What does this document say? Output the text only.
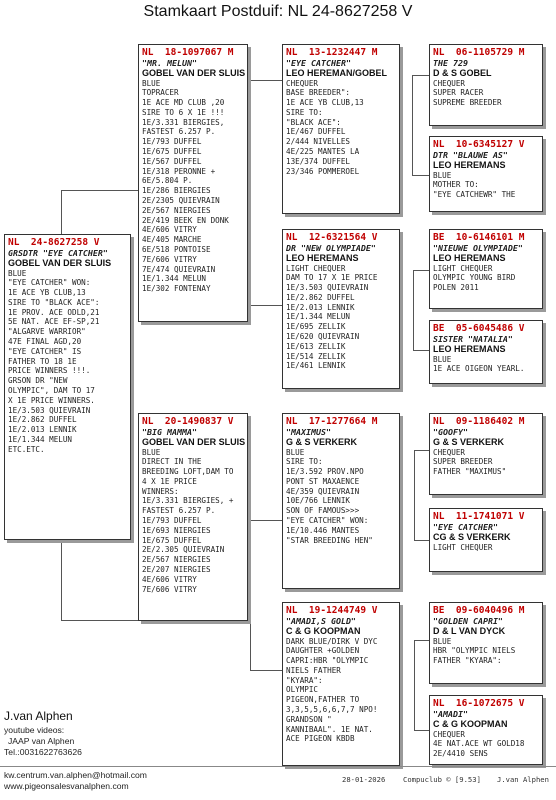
Stamkaart Postduif: NL 24-8627258 V
NL  24-8627258 V
GRSDTR "EYE CATCHER"
GOBEL VAN DER SLUIS
BLUE
"EYE CATCHER" WON:
1E ACE YB CLUB,13
SIRE TO "BLACK ACE":
1E PROV. ACE ODLD,21
5E NAT. ACE EF-SP,21
"ALGARVE WARRIOR"
47E FINAL AGD,20
"EYE CATCHER" IS
FATHER TO 18 1E
PRICE WINNERS !!!.
GRSON DR "NEW
OLYMPIC", DAM TO 17
X 1E PRICE WINNERS.
1E/3.503 QUIEVRAIN
1E/2.862 DUFFEL
1E/2.013 LENNIK
1E/1.344 MELUN
ETC.ETC.
NL  18-1097067 M
"MR. MELUN"
GOBEL VAN DER SLUIS
BLUE
TOPRACER
1E ACE MD CLUB ,20
SIRE TO 6 X 1E !!!
1E/3.331 BIERGIES,
FASTEST 6.257 P.
1E/793 DUFFEL
1E/675 DUFFEL
1E/567 DUFFEL
1E/318 PERONNE +
6E/5.804 P.
1E/286 BIERGIES
2E/2305 QUIEVRAIN
2E/567 NIERGIES
2E/419 BEEK EN DONK
4E/606 VITRY
4E/405 MARCHE
6E/518 PONTOISE
7E/606 VITRY
7E/474 QUIEVRAIN
1E/1.344 MELUN
1E/302 FONTENAY
NL  20-1490837 V
"BIG MAMMA"
GOBEL VAN DER SLUIS
BLUE
DIRECT IN THE
BREEDING LOFT,DAM TO
4 X 1E PRICE
WINNERS:
1E/3.331 BIERGIES, +
FASTEST 6.257 P.
1E/793 DUFFEL
1E/693 NIERGIES
1E/675 DUFFEL
2E/2.305 QUIEVRAIN
2E/567 NIERGIES
2E/207 NIERGIES
4E/606 VITRY
7E/606 VITRY
NL  13-1232447 M
"EYE CATCHER"
LEO HEREMAN/GOBEL
CHEQUER
BASE BREEDER":
1E ACE YB CLUB,13
SIRE TO:
"BLACK ACE":
1E/467 DUFFEL
2/444 NIVELLES
4E/225 MANTES LA
13E/374 DUFFEL
23/346 POMMEROEL
NL  12-6321564 V
DR "NEW OLYMPIADE"
LEO HEREMANS
LIGHT CHEQUER
DAM TO 17 X 1E PRICE
1E/3.503 QUIEVRAIN
1E/2.862 DUFFEL
1E/2.013 LENNIK
1E/1.344 MELUN
1E/695 ZELLIK
1E/620 QUIEVRAIN
1E/613 ZELLIK
1E/514 ZELLIK
1E/461 LENNIK
NL  17-1277664 M
"MAXIMUS"
G & S VERKERK
BLUE
SIRE TO:
1E/3.592 PROV.NPO
PONT ST MAXAENCE
4E/359 QUIEVRAIN
10E/766 LENNIK
SON OF FAMOUS>>>
"EYE CATCHER" WON:
1E/10.446 MANTES
"STAR BREEDING HEN"
NL  19-1244749 V
"AMADI,S GOLD"
C & G KOOPMAN
DARK BLUE/DIRK V DYC
DAUGHTER +GOLDEN
CAPRI:HBR "OLYMPIC
NIELS FATHER
"KYARA":
OLYMPIC
PIGEON,FATHER TO
3,3,5,5,6,6,7,7 NPO!
GRANDSON "
KANNIBAAL". 1E NAT.
ACE PIGEON KBDB
NL  06-1105729 M
THE 729
D & S GOBEL
CHEQUER
SUPER RACER
SUPREME BREEDER
NL  10-6345127 V
DTR "BLAUWE AS"
LEO HEREMANS
BLUE
MOTHER TO:
"EYE CATCHEWR" THE
BE  10-6146101 M
"NIEUWE OLYMPIADE"
LEO HEREMANS
LIGHT CHEQUER
OLYMPIC YOUNG BIRD
POLEN 2011
BE  05-6045486 V
SISTER "NATALIA"
LEO HEREMANS
BLUE
1E ACE OIGEON YEARL.
NL  09-1186402 M
"GOOFY"
G & S VERKERK
CHEQUER
SUPER BREEDER
FATHER "MAXIMUS"
NL  11-1741071 V
"EYE CATCHER"
CG & S VERKERK
LIGHT CHEQUER
BE  09-6040496 M
"GOLDEN CAPRI"
D & L VAN DYCK
BLUE
HBR "OLYMPIC NIELS
FATHER "KYARA":
NL  16-1072675 V
"AMADI"
C & G KOOPMAN
CHEQUER
4E NAT.ACE WT GOLD18
2E/4410 SENS
J.van Alphen
youtube videos:
JAAP van Alphen
Tel.:0031622763626
kw.centrum.van.alphen@hotmail.com
www.pigeonsalesvanalphen.com
28-01-2026 Compuclub © [9.53] J.van Alphen
